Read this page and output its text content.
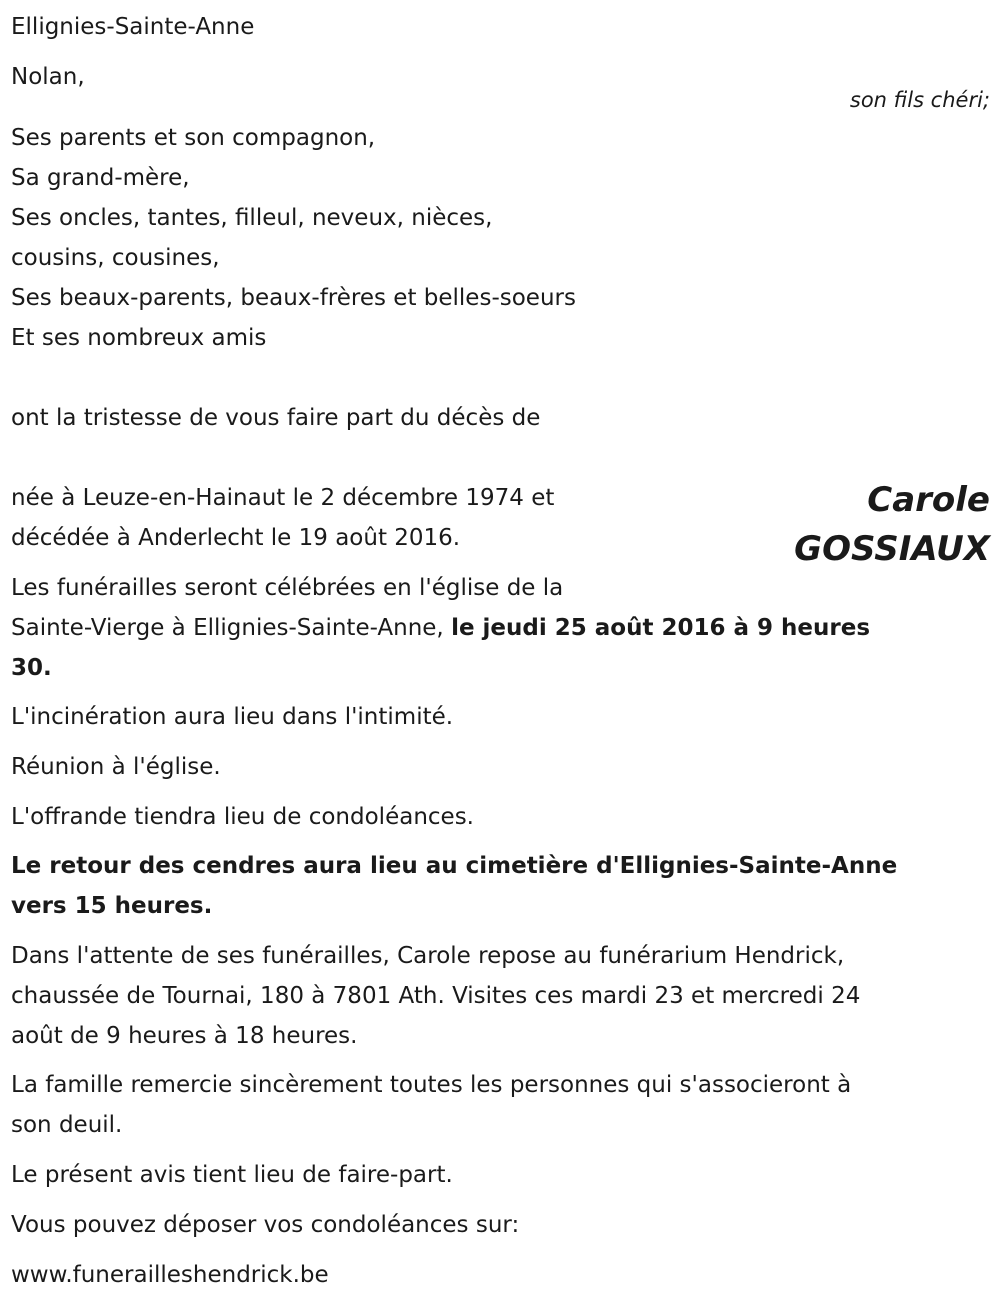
Ellignies-Sainte-Anne
Nolan,
son fils chéri;
Ses parents et son compagnon,
Sa grand-mère,
Ses oncles, tantes, filleul, neveux, nièces,
cousins, cousines,
Ses beaux-parents, beaux-frères et belles-soeurs
Et ses nombreux amis
ont la tristesse de vous faire part du décès de
Carole
GOSSIAUX
née à Leuze-en-Hainaut le 2 décembre 1974 et
décédée à Anderlecht le 19 août 2016.
Les funérailles seront célébrées en l'église de la
Sainte-Vierge à Ellignies-Sainte-Anne, le jeudi 25 août 2016 à 9 heures
30.
L'incinération aura lieu dans l'intimité.
Réunion à l'église.
L'offrande tiendra lieu de condoléances.
Le retour des cendres aura lieu au cimetière d'Ellignies-Sainte-Anne
vers 15 heures.
Dans l'attente de ses funérailles, Carole repose au funérarium Hendrick,
chaussée de Tournai, 180 à 7801 Ath. Visites ces mardi 23 et mercredi 24
août de 9 heures à 18 heures.
La famille remercie sincèrement toutes les personnes qui s'associeront à
son deuil.
Le présent avis tient lieu de faire-part.
Vous pouvez déposer vos condoléances sur:
www.funerailleshendrick.be
